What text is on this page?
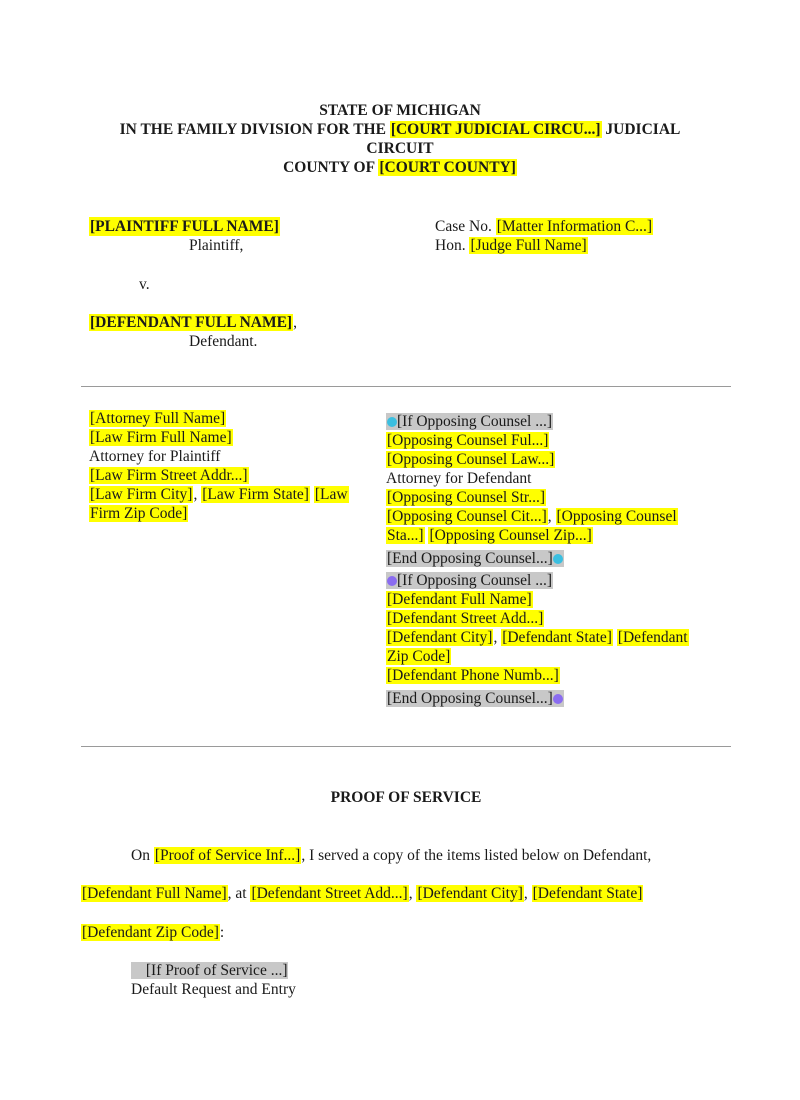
STATE OF MICHIGAN
IN THE FAMILY DIVISION FOR THE [COURT JUDICIAL CIRCU...] JUDICIAL
CIRCUIT
COUNTY OF [COURT COUNTY]
[PLAINTIFF FULL NAME]
Plaintiff,
v.
[DEFENDANT FULL NAME],
Defendant.
Case No. [Matter Information C...]
Hon. [Judge Full Name]
[Attorney Full Name]
[Law Firm Full Name]
Attorney for Plaintiff
[Law Firm Street Addr...]
[Law Firm City], [Law Firm State] [Law
Firm Zip Code]
[If Opposing Counsel ...]
[Opposing Counsel Ful...]
[Opposing Counsel Law...]
Attorney for Defendant
[Opposing Counsel Str...]
[Opposing Counsel Cit...], [Opposing Counsel
Sta...] [Opposing Counsel Zip...]
[End Opposing Counsel...]
[If Opposing Counsel ...]
[Defendant Full Name]
[Defendant Street Add...]
[Defendant City], [Defendant State] [Defendant
Zip Code]
[Defendant Phone Numb...]
[End Opposing Counsel...]
PROOF OF SERVICE
On [Proof of Service Inf...], I served a copy of the items listed below on Defendant,
[Defendant Full Name], at [Defendant Street Add...], [Defendant City], [Defendant State]
[Defendant Zip Code]:
[If Proof of Service ...]
Default Request and Entry
